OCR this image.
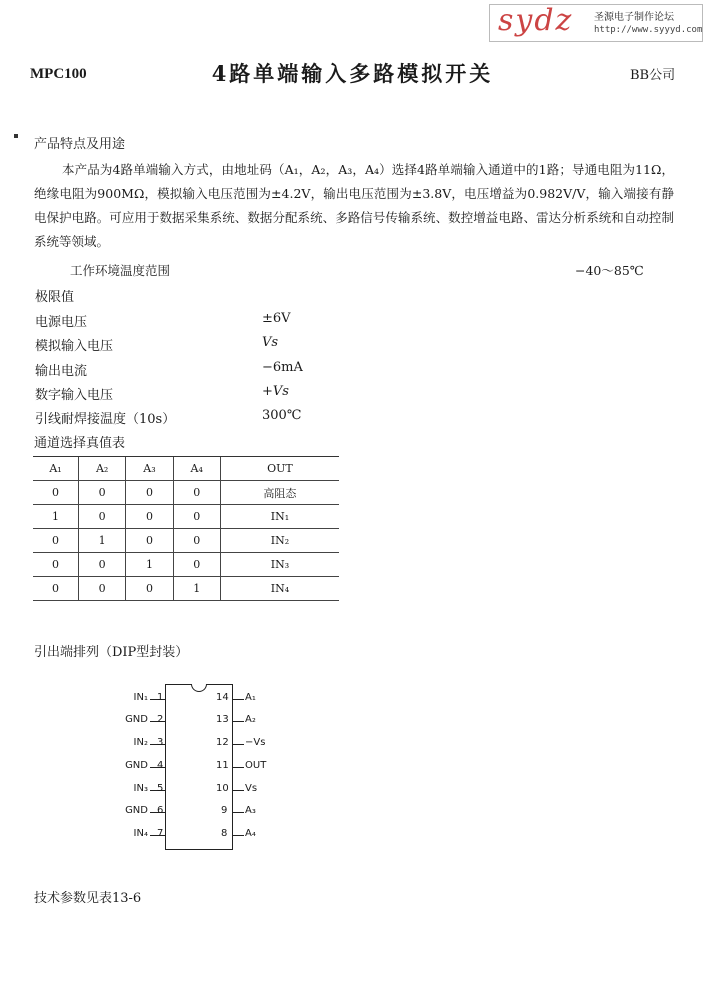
MPC100	4路单端输入多路模拟开关	BB公司
sydz 圣源电子制作论坛
http://www.syyyd.com
产品特点及用途
本产品为4路单端输入方式，由地址码（A₁，A₂，A₃，A₄）选择4路单端输入通道中的1路；导通电阻为11Ω，绝缘电阻为900MΩ，模拟输入电压范围为±4.2V，输出电压范围为±3.8V，电压增益为0.982V/V，输入端接有静电保护电路。可应用于数据采集系统、数据分配系统、多路信号传输系统、数控增益电路、雷达分析系统和自动控制系统等领域。
工作环境温度范围	−40～85℃
极限值
电源电压	±6V
模拟输入电压	Vs
输出电流	−6mA
数字输入电压	+Vs
引线耐焊接温度（10s）	300℃
通道选择真值表
A₁	A₂	A₃	A₄	OUT
0	0	0	0	高阻态
1	0	0	0	IN₁
0	1	0	0	IN₂
0	0	1	0	IN₃
0	0	0	1	IN₄
引出端排列（DIP型封装）
IN₁ 1
GND 2
IN₂ 3
GND 4
IN₃ 5
GND 6
IN₄ 7
14 A₁
13 A₂
12 −Vs
11 OUT
10 Vs
9 A₃
8 A₄
技术参数见表13-6
